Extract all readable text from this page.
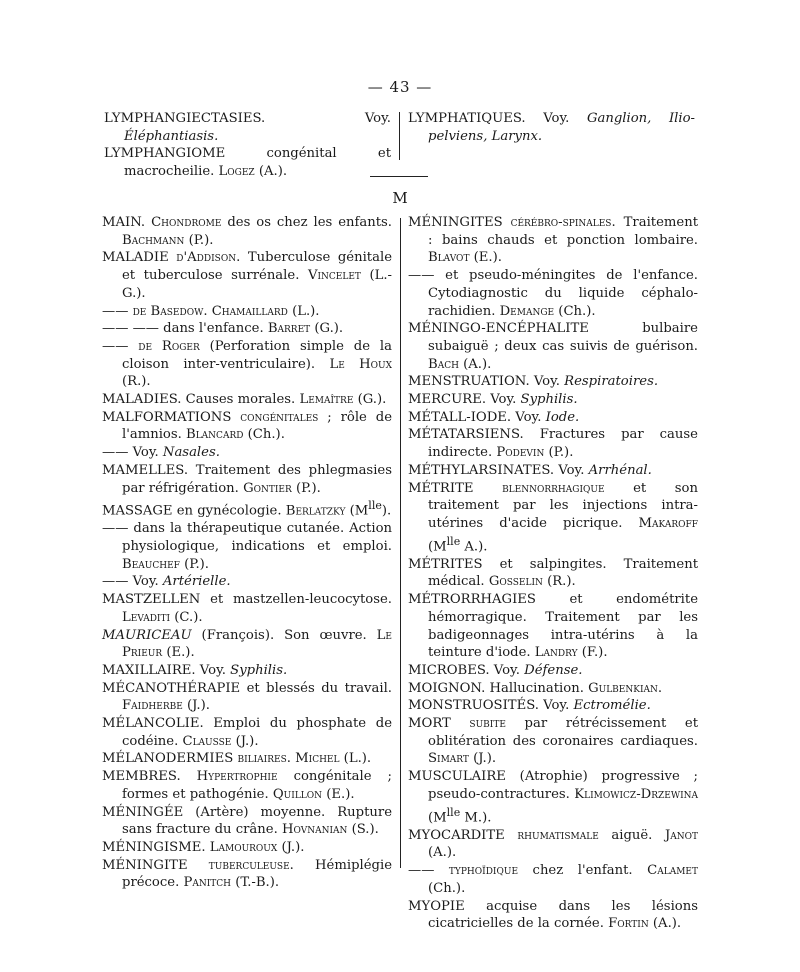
— 43 —

LYMPHANGIECTASIES. Voy. Éléphantiasis.

LYMPHANGIOME congénital et macrocheilie. Logez (A.).

LYMPHATIQUES. Voy. Ganglion, Ilio-pelviens, Larynx.

M

MAIN. Chondrome des os chez les enfants. Bachmann (P.).

MALADIE d'Addison. Tuberculose génitale et tuberculose surrénale. Vincelet (L.-G.).

—— de Basedow. Chamaillard (L.).

—— —— dans l'enfance. Barret (G.).

—— de Roger (Perforation simple de la cloison inter-ventriculaire). Le Houx (R.).

MALADIES. Causes morales. Lemaître (G.).

MALFORMATIONS congénitales ; rôle de l'amnios. Blancard (Ch.).

—— Voy. Nasales.

MAMELLES. Traitement des phlegmasies par réfrigération. Gontier (P.).

MASSAGE en gynécologie. Berlatzky $(M^{lle})$.

—— dans la thérapeutique cutanée. Action physiologique, indications et emploi. Beauchef (P.).

—— Voy. Artérielle.

MASTZELLEN et mastzellen-leucocytose. Levaditi (C.).

MAURICEAU (François). Son œuvre. Le Prieur (E.).

MAXILLAIRE. Voy. Syphilis.

MÉCANOTHÉRAPIE et blessés du travail. Faidherbe (J.).

MÉLANCOLIE. Emploi du phosphate de codéine. Clausse (J.).

MÉLANODERMIES biliaires. Michel (L.).

MEMBRES. Hypertrophie congénitale ; formes et pathogénie. Quillon (E.).

MÉNINGÉE (Artère) moyenne. Rupture sans fracture du crâne. Hovnanian (S.).

MÉNINGISME. Lamouroux (J.).

MÉNINGITE tuberculeuse. Hémiplégie précoce. Panitch (T.-B.).

MÉNINGITES cérébro-spinales. Traitement : bains chauds et ponction lombaire. Blavot (E.).

—— et pseudo-méningites de l'enfance. Cytodiagnostic du liquide céphalo-rachidien. Demange (Ch.).

MÉNINGO-ENCÉPHALITE bulbaire subaiguë ; deux cas suivis de guérison. Bach (A.).

MENSTRUATION. Voy. Respiratoires.

MERCURE. Voy. Syphilis.

MÉTALL-IODE. Voy. Iode.

MÉTATARSIENS. Fractures par cause indirecte. Podevin (P.).

MÉTHYLARSINATES. Voy. Arrhénal.

MÉTRITE blennorrhagique et son traitement par les injections intra-utérines d'acide picrique. Makaroff ($M^{lle}$ A.).

MÉTRITES et salpingites. Traitement médical. Gosselin (R.).

MÉTRORRHAGIES et endométrite hémorragique. Traitement par les badigeonnages intra-utérins à la teinture d'iode. Landry (F.).

MICROBES. Voy. Défense.

MOIGNON. Hallucination. Gulbenkian.

MONSTRUOSITÉS. Voy. Ectromélie.

MORT subite par rétrécissement et oblitération des coronaires cardiaques. Simart (J.).

MUSCULAIRE (Atrophie) progressive ; pseudo-contractures. Klimowicz-Drzewina ($M^{lle}$ M.).

MYOCARDITE rhumatismale aiguë. Janot (A.).

—— typhoïdique chez l'enfant. Calamet (Ch.).

MYOPIE acquise dans les lésions cicatricielles de la cornée. Fortin (A.).
